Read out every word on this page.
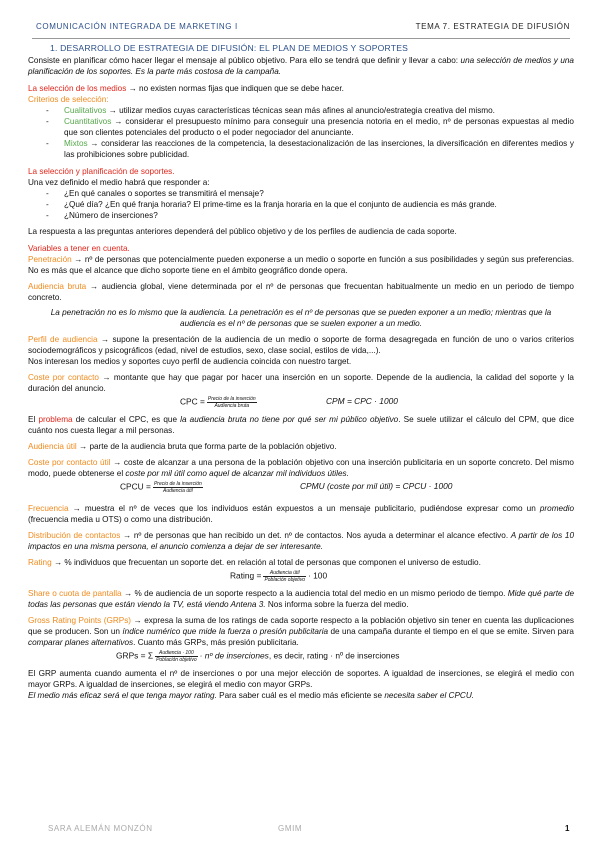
COMUNICACIÓN INTEGRADA DE MARKETING I	TEMA 7. ESTRATEGIA DE DIFUSIÓN

1. DESARROLLO DE ESTRATEGIA DE DIFUSIÓN: EL PLAN DE MEDIOS Y SOPORTES

Consiste en planificar cómo hacer llegar el mensaje al público objetivo. Para ello se tendrá que definir y llevar a cabo: una selección de medios y una planificación de los soportes. Es la parte más costosa de la campaña.

La selección de los medios → no existen normas fijas que indiquen que se debe hacer.

Criterios de selección:

- Cualitativos → utilizar medios cuyas características técnicas sean más afines al anuncio/estrategia creativa del mismo.
- Cuantitativos → considerar el presupuesto mínimo para conseguir una presencia notoria en el medio, nº de personas expuestas al medio que son clientes potenciales del producto o el poder negociador del anunciante.
- Mixtos → considerar las reacciones de la competencia, la desestacionalización de las inserciones, la diversificación en diferentes medios y las prohibiciones sobre publicidad.

La selección y planificación de soportes.

Una vez definido el medio habrá que responder a:

- ¿En qué canales o soportes se transmitirá el mensaje?
- ¿Qué día? ¿En qué franja horaria? El prime-time es la franja horaria en la que el conjunto de audiencia es más grande.
- ¿Número de inserciones?

La respuesta a las preguntas anteriores dependerá del público objetivo y de los perfiles de audiencia de cada soporte.

Variables a tener en cuenta.

Penetración → nº de personas que potencialmente pueden exponerse a un medio o soporte en función a sus posibilidades y según sus preferencias. No es más que el alcance que dicho soporte tiene en el ámbito geográfico donde opera.

Audiencia bruta → audiencia global, viene determinada por el nº de personas que frecuentan habitualmente un medio en un periodo de tiempo concreto.

La penetración no es lo mismo que la audiencia. La penetración es el nº de personas que se pueden exponer a un medio; mientras que la audiencia es el nº de personas que se suelen exponer a un medio.

Perfil de audiencia → supone la presentación de la audiencia de un medio o soporte de forma desagregada en función de uno o varios criterios sociodemográficos y psicográficos (edad, nivel de estudios, sexo, clase social, estilos de vida,...).

Nos interesan los medios y soportes cuyo perfil de audiencia coincida con nuestro target.

Coste por contacto → montante que hay que pagar por hacer una inserción en un soporte. Depende de la audiencia, la calidad del soporte y la duración del anuncio.

CPC = $\frac{\text{Precio de la inserción}}{\text{Audiencia bruta}}$	CPM = CPC · 1000

El problema de calcular el CPC, es que la audiencia bruta no tiene por qué ser mi público objetivo. Se suele utilizar el cálculo del CPM, que dice cuánto nos cuesta llegar a mil personas.

Audiencia útil → parte de la audiencia bruta que forma parte de la población objetivo.

Coste por contacto útil → coste de alcanzar a una persona de la población objetivo con una inserción publicitaria en un soporte concreto. Del mismo modo, puede obtenerse el coste por mil útil como aquel de alcanzar mil individuos útiles.

CPCU = $\frac{\text{Precio de la inserción}}{\text{Audiencia útil}}$	CPMU (coste por mil útil) = CPCU · 1000

Frecuencia → muestra el nº de veces que los individuos están expuestos a un mensaje publicitario, pudiéndose expresar como un promedio (frecuencia media u OTS) o como una distribución.

Distribución de contactos → nº de personas que han recibido un det. nº de contactos. Nos ayuda a determinar el alcance efectivo. A partir de los 10 impactos en una misma persona, el anuncio comienza a dejar de ser interesante.

Rating → % individuos que frecuentan un soporte det. en relación al total de personas que componen el universo de estudio.

Rating = $\frac{\text{Audiencia útil}}{\text{Población objetivo}} \cdot 100$

Share o cuota de pantalla → % de audiencia de un soporte respecto a la audiencia total del medio en un mismo periodo de tiempo. Mide qué parte de todas las personas que están viendo la TV, está viendo Antena 3. Nos informa sobre la fuerza del medio.

Gross Rating Points (GRPs) → expresa la suma de los ratings de cada soporte respecto a la población objetivo sin tener en cuenta las duplicaciones que se producen. Son un índice numérico que mide la fuerza o presión publicitaria de una campaña durante el tiempo en el que se emite. Sirven para comparar planes alternativos. Cuanto más GRPs, más presión publicitaria.

GRPs = Σ $\frac{\text{Audiencia · 100}}{\text{Población objetivo}}$ · nº de inserciones, es decir, rating · nº de inserciones

El GRP aumenta cuando aumenta el nº de inserciones o por una mejor elección de soportes. A igualdad de inserciones, se elegirá el medio con mayor GRPs. A igualdad de inserciones, se elegirá el medio con mayor GRPs.

El medio más eficaz será el que tenga mayor rating. Para saber cuál es el medio más eficiente se necesita saber el CPCU.

SARA ALEMÁN MONZÓN	GMIM	1
